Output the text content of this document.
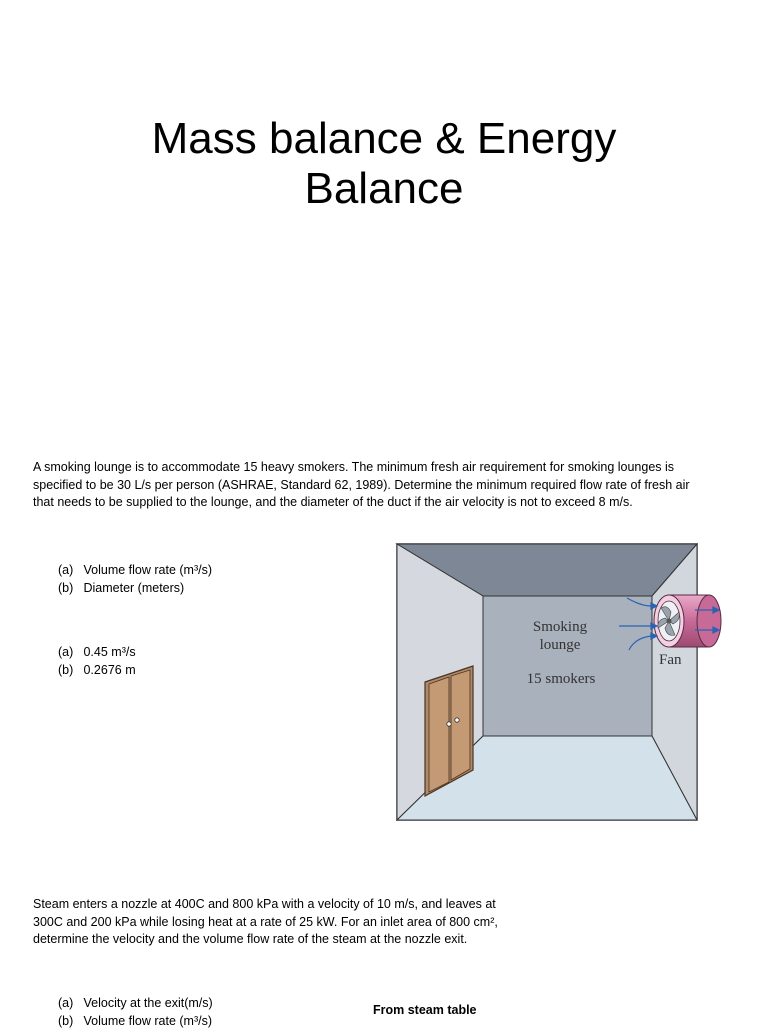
Mass balance & Energy
Balance
A smoking lounge is to accommodate 15 heavy smokers. The minimum fresh air requirement for smoking lounges is
specified to be 30 L/s per person (ASHRAE, Standard 62, 1989). Determine the minimum required flow rate of fresh air
that needs to be supplied to the lounge, and the diameter of the duct if the air velocity is not to exceed 8 m/s.
(a) Volume flow rate (m³/s)
(b) Diameter (meters)
(a) 0.45 m³/s
(b) 0.2676 m
Smoking
lounge
15 smokers
Fan
Steam enters a nozzle at 400C and 800 kPa with a velocity of 10 m/s, and leaves at
300C and 200 kPa while losing heat at a rate of 25 kW. For an inlet area of 800 cm²,
determine the velocity and the volume flow rate of the steam at the nozzle exit.
(a) Velocity at the exit(m/s)
(b) Volume flow rate (m³/s)
From steam table
